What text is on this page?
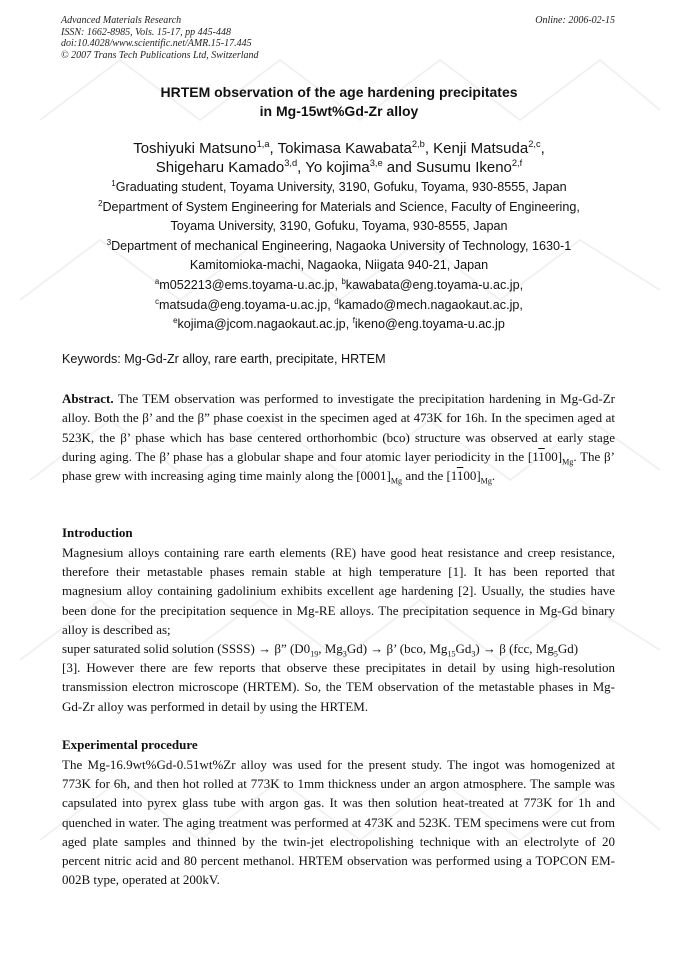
Advanced Materials Research
ISSN: 1662-8985, Vols. 15-17, pp 445-448
doi:10.4028/www.scientific.net/AMR.15-17.445
© 2007 Trans Tech Publications Ltd, Switzerland
Online: 2006-02-15
HRTEM observation of the age hardening precipitates
in Mg-15wt%Gd-Zr alloy
Toshiyuki Matsuno$^{1,a}$, Tokimasa Kawabata$^{2,b}$, Kenji Matsuda$^{2,c}$,
Shigeharu Kamado$^{3,d}$, Yo kojima$^{3,e}$ and Susumu Ikeno$^{2,f}$
$^1$Graduating student, Toyama University, 3190, Gofuku, Toyama, 930-8555, Japan
$^2$Department of System Engineering for Materials and Science, Faculty of Engineering,
Toyama University, 3190, Gofuku, Toyama, 930-8555, Japan
$^3$Department of mechanical Engineering, Nagaoka University of Technology, 1630-1
Kamitomioka-machi, Nagaoka, Niigata 940-21, Japan
$^a$m052213@ems.toyama-u.ac.jp, $^b$kawabata@eng.toyama-u.ac.jp,
$^c$matsuda@eng.toyama-u.ac.jp, $^d$kamado@mech.nagaokaut.ac.jp,
$^e$kojima@jcom.nagaokaut.ac.jp, $^f$ikeno@eng.toyama-u.ac.jp
Keywords: Mg-Gd-Zr alloy, rare earth, precipitate, HRTEM
Abstract. The TEM observation was performed to investigate the precipitation hardening in Mg-Gd-Zr alloy. Both the β’ and the β” phase coexist in the specimen aged at 473K for 16h. In the specimen aged at 523K, the β’ phase which has base centered orthorhombic (bco) structure was observed at early stage during aging. The β’ phase has a globular shape and four atomic layer periodicity in the $[1100]_{Mg}$. The β’ phase grew with increasing aging time mainly along the $[0001]_{Mg}$ and the $[1100]_{Mg}$.
Introduction
Magnesium alloys containing rare earth elements (RE) have good heat resistance and creep resistance, therefore their metastable phases remain stable at high temperature [1]. It has been reported that magnesium alloy containing gadolinium exhibits excellent age hardening [2]. Usually, the studies have been done for the precipitation sequence in Mg-RE alloys. The precipitation sequence in Mg-Gd binary alloy is described as;
super saturated solid solution (SSSS) → β” ($D0_{19}$, $Mg_3Gd) \to \beta$’ (bco, $Mg_{15}Gd_3) \to \beta$ (fcc, $Mg_5Gd$)
[3]. However there are few reports that observe these precipitates in detail by using high-resolution transmission electron microscope (HRTEM). So, the TEM observation of the metastable phases in Mg-Gd-Zr alloy was performed in detail by using the HRTEM.
Experimental procedure
The Mg-16.9wt%Gd-0.51wt%Zr alloy was used for the present study. The ingot was homogenized at 773K for 6h, and then hot rolled at 773K to 1mm thickness under an argon atmosphere. The sample was capsulated into pyrex glass tube with argon gas. It was then solution heat-treated at 773K for 1h and quenched in water. The aging treatment was performed at 473K and 523K. TEM specimens were cut from aged plate samples and thinned by the twin-jet electropolishing technique with an electrolyte of 20 percent nitric acid and 80 percent methanol. HRTEM observation was performed using a TOPCON EM-002B type, operated at 200kV.
